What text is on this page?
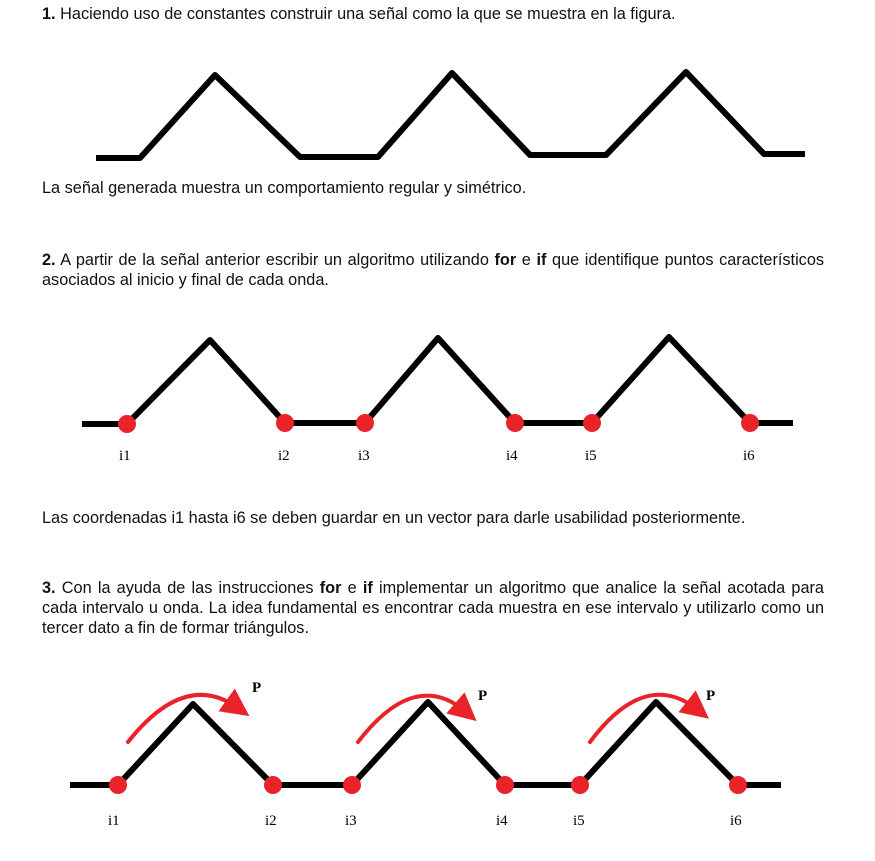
1. Haciendo uso de constantes construir una señal como la que se muestra en la figura.

La señal generada muestra un comportamiento regular y simétrico.

2. A partir de la señal anterior escribir un algoritmo utilizando for e if que identifique puntos característicos asociados al inicio y final de cada onda.

i1	i2	i3	i4	i5	i6

Las coordenadas i1 hasta i6 se deben guardar en un vector para darle usabilidad posteriormente.

3. Con la ayuda de las instrucciones for e if implementar un algoritmo que analice la señal acotada para cada intervalo u onda. La idea fundamental es encontrar cada muestra en ese intervalo y utilizarlo como un tercer dato a fin de formar triángulos.

P	P	P
i1	i2	i3	i4	i5	i6
